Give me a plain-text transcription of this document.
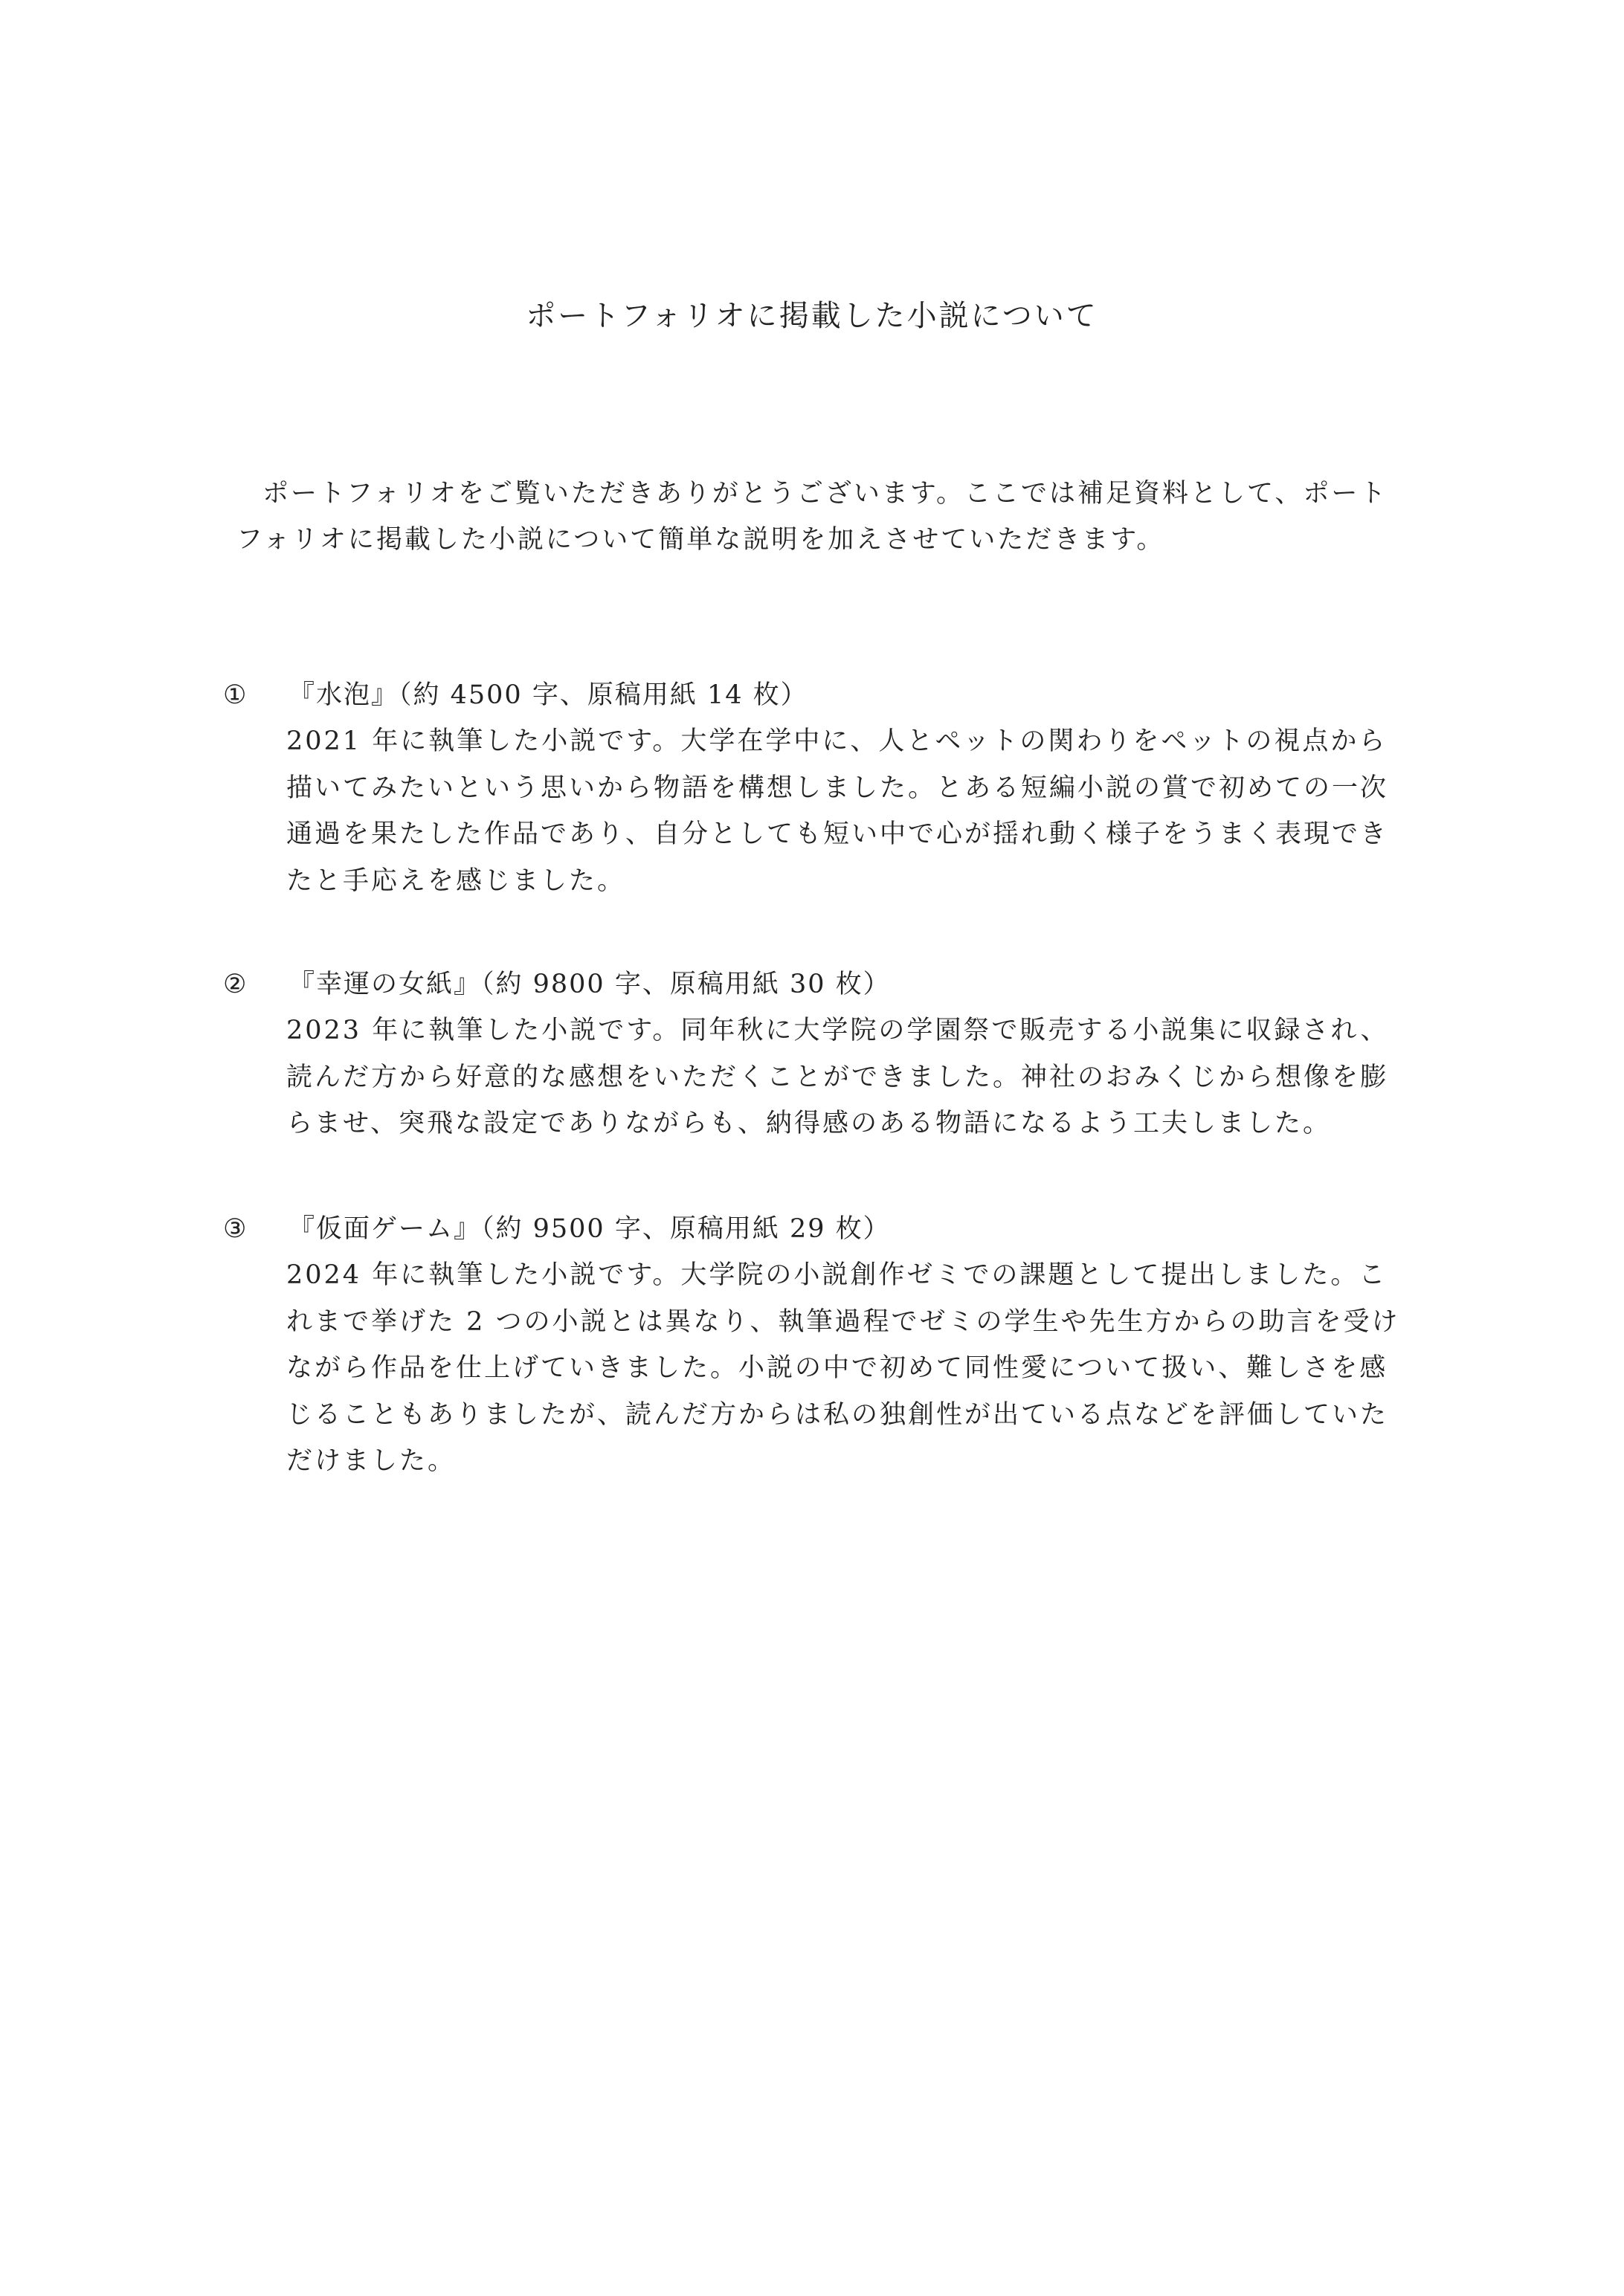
ポートフォリオに掲載した小説について

ポートフォリオをご覧いただきありがとうございます。ここでは補足資料として、ポートフォリオに掲載した小説について簡単な説明を加えさせていただきます。

① 『水泡』（約 4500 字、原稿用紙 14 枚）

2021 年に執筆した小説です。大学在学中に、人とペットの関わりをペットの視点から描いてみたいという思いから物語を構想しました。とある短編小説の賞で初めての一次通過を果たした作品であり、自分としても短い中で心が揺れ動く様子をうまく表現できたと手応えを感じました。

② 『幸運の女紙』（約 9800 字、原稿用紙 30 枚）

2023 年に執筆した小説です。同年秋に大学院の学園祭で販売する小説集に収録され、読んだ方から好意的な感想をいただくことができました。神社のおみくじから想像を膨らませ、突飛な設定でありながらも、納得感のある物語になるよう工夫しました。

③ 『仮面ゲーム』（約 9500 字、原稿用紙 29 枚）

2024 年に執筆した小説です。大学院の小説創作ゼミでの課題として提出しました。これまで挙げた 2 つの小説とは異なり、執筆過程でゼミの学生や先生方からの助言を受けながら作品を仕上げていきました。小説の中で初めて同性愛について扱い、難しさを感じることもありましたが、読んだ方からは私の独創性が出ている点などを評価していただけました。
